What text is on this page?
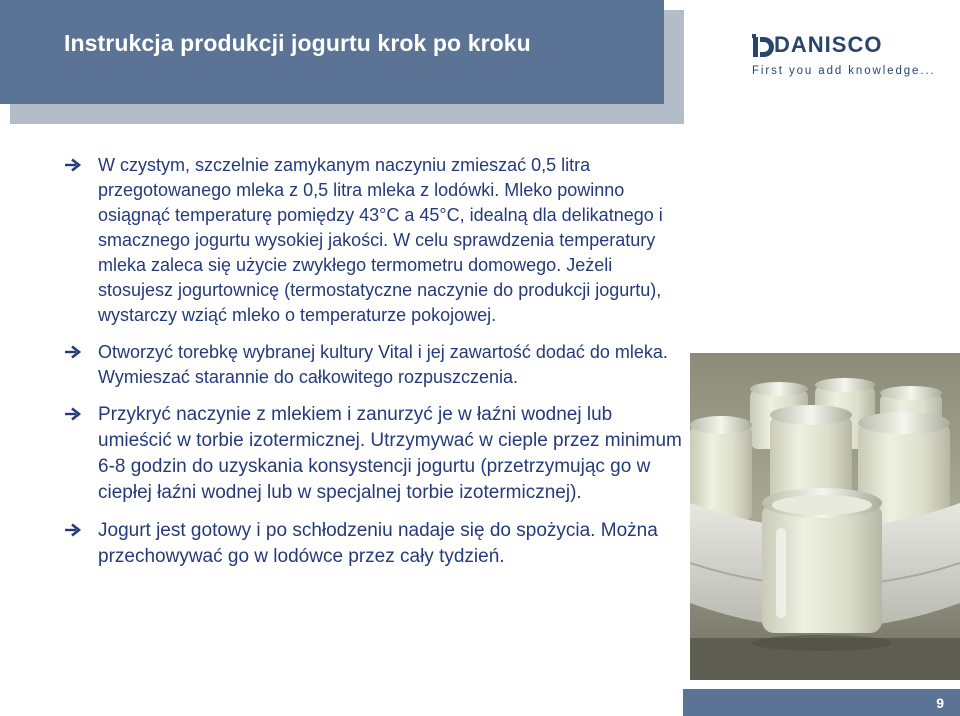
Instrukcja produkcji jogurtu krok po kroku	DANISCO
First you add knowledge...
W czystym, szczelnie zamykanym naczyniu zmieszać 0,5 litra przegotowanego mleka z 0,5 litra mleka z lodówki. Mleko powinno osiągnąć temperaturę pomiędzy 43°C a 45°C, idealną dla delikatnego i smacznego jogurtu wysokiej jakości. W celu sprawdzenia temperatury mleka zaleca się użycie zwykłego termometru domowego. Jeżeli stosujesz jogurtownicę (termostatyczne naczynie do produkcji jogurtu), wystarczy wziąć mleko o temperaturze pokojowej.
Otworzyć torebkę wybranej kultury Vital i jej zawartość dodać do mleka. Wymieszać starannie do całkowitego rozpuszczenia.
Przykryć naczynie z mlekiem i zanurzyć je w łaźni wodnej lub umieścić w torbie izotermicznej. Utrzymywać w cieple przez minimum 6-8 godzin do uzyskania konsystencji jogurtu (przetrzymując go w ciepłej łaźni wodnej lub w specjalnej torbie izotermicznej).
Jogurt jest gotowy i po schłodzeniu nadaje się do spożycia. Można przechowywać go w lodówce przez cały tydzień.
9
